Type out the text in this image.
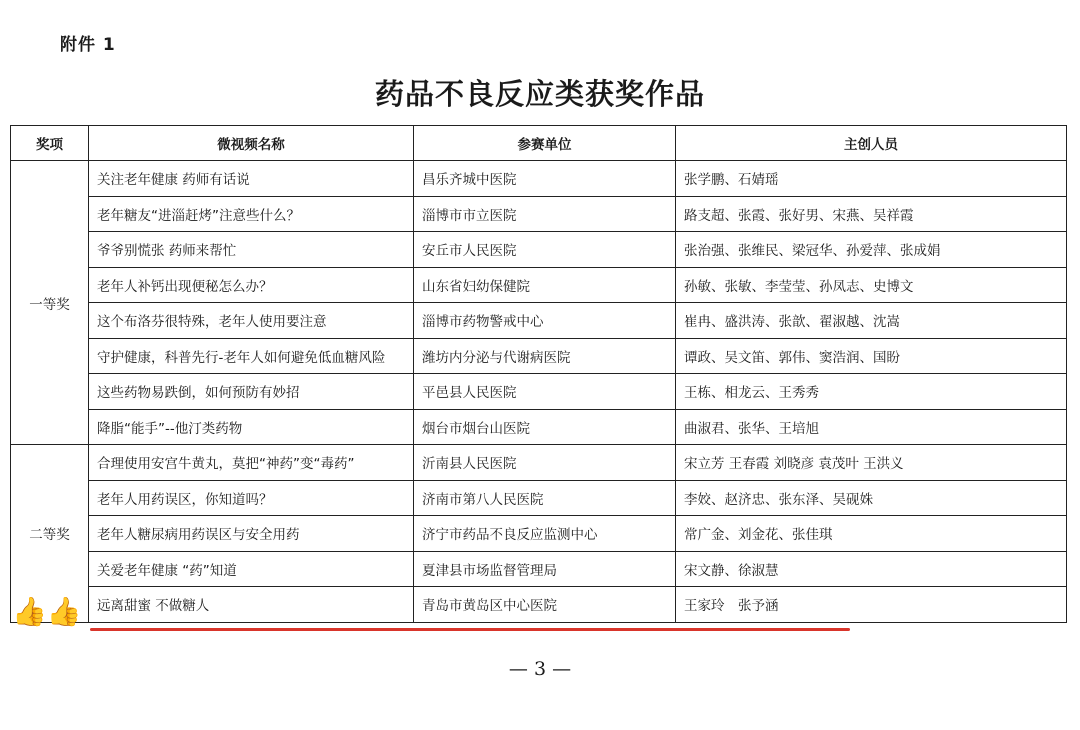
附件 1
药品不良反应类获奖作品
奖项	微视频名称	参赛单位	主创人员
一等奖	关注老年健康 药师有话说	昌乐齐城中医院	张学鹏、石婧瑶
	老年糖友“进淄赶烤”注意些什么？	淄博市市立医院	路支超、张霞、张好男、宋燕、吴祥霞
	爷爷别慌张 药师来帮忙	安丘市人民医院	张治强、张维民、梁冠华、孙爱萍、张成娟
	老年人补钙出现便秘怎么办？	山东省妇幼保健院	孙敏、张敏、李莹莹、孙凤志、史博文
	这个布洛芬很特殊，老年人使用要注意	淄博市药物警戒中心	崔冉、盛洪涛、张歆、翟淑越、沈嵩
	守护健康，科普先行-老年人如何避免低血糖风险	潍坊内分泌与代谢病医院	谭政、吴文笛、郭伟、窦浩润、国盼
	这些药物易跌倒，如何预防有妙招	平邑县人民医院	王栋、相龙云、王秀秀
	降脂“能手”--他汀类药物	烟台市烟台山医院	曲淑君、张华、王培旭
二等奖	合理使用安宫牛黄丸，莫把“神药”变“毒药”	沂南县人民医院	宋立芳 王春霞 刘晓彦 袁茂叶 王洪义
	老年人用药误区，你知道吗？	济南市第八人民医院	李姣、赵济忠、张东泽、吴砚姝
	老年人糖尿病用药误区与安全用药	济宁市药品不良反应监测中心	常广金、刘金花、张佳琪
	关爱老年健康 “药”知道	夏津县市场监督管理局	宋文静、徐淑慧
	远离甜蜜 不做糖人	青岛市黄岛区中心医院	王家玲　张予涵
👍👍
— 3 —
